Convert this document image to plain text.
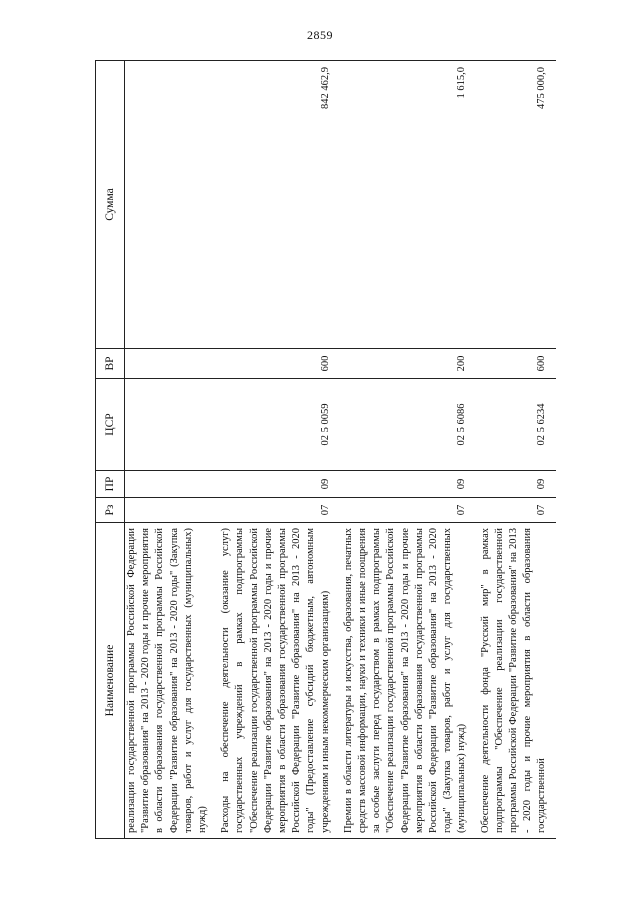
2859
Наименование	Рз	ПР	ЦСР	ВР	Сумма
реализации государственной программы Российской Федерации "Развитие образования" на 2013 - 2020 годы и прочие мероприятия в области образования государственной программы Российской Федерации "Развитие образования" на 2013 - 2020 годы" (Закупка товаров, работ и услуг для государственных (муниципальных) нужд)					
Расходы на обеспечение деятельности (оказание услуг) государственных учреждений в рамках подпрограммы "Обеспечение реализации государственной программы Российской Федерации "Развитие образования" на 2013 - 2020 годы и прочие мероприятия в области образования государственной программы Российской Федерации "Развитие образования" на 2013 - 2020 годы" (Предоставление субсидий бюджетным, автономным учреждениям и иным некоммерческим организациям)	07	09	02 5 0059	600	842 462,9
Премии в области литературы и искусства, образования, печатных средств массовой информации, науки и техники и иные поощрения за особые заслуги перед государством в рамках подпрограммы "Обеспечение реализации государственной программы Российской Федерации "Развитие образования" на 2013 - 2020 годы и прочие мероприятия в области образования государственной программы Российской Федерации "Развитие образования" на 2013 - 2020 годы" (Закупка товаров, работ и услуг для государственных (муниципальных) нужд)	07	09	02 5 6086	200	1 615,0
Обеспечение деятельности фонда "Русский мир" в рамках подпрограммы "Обеспечение реализации государственной программы Российской Федерации "Развитие образования" на 2013 - 2020 годы и прочие мероприятия в области образования государственной	07	09	02 5 6234	600	475 000,0
